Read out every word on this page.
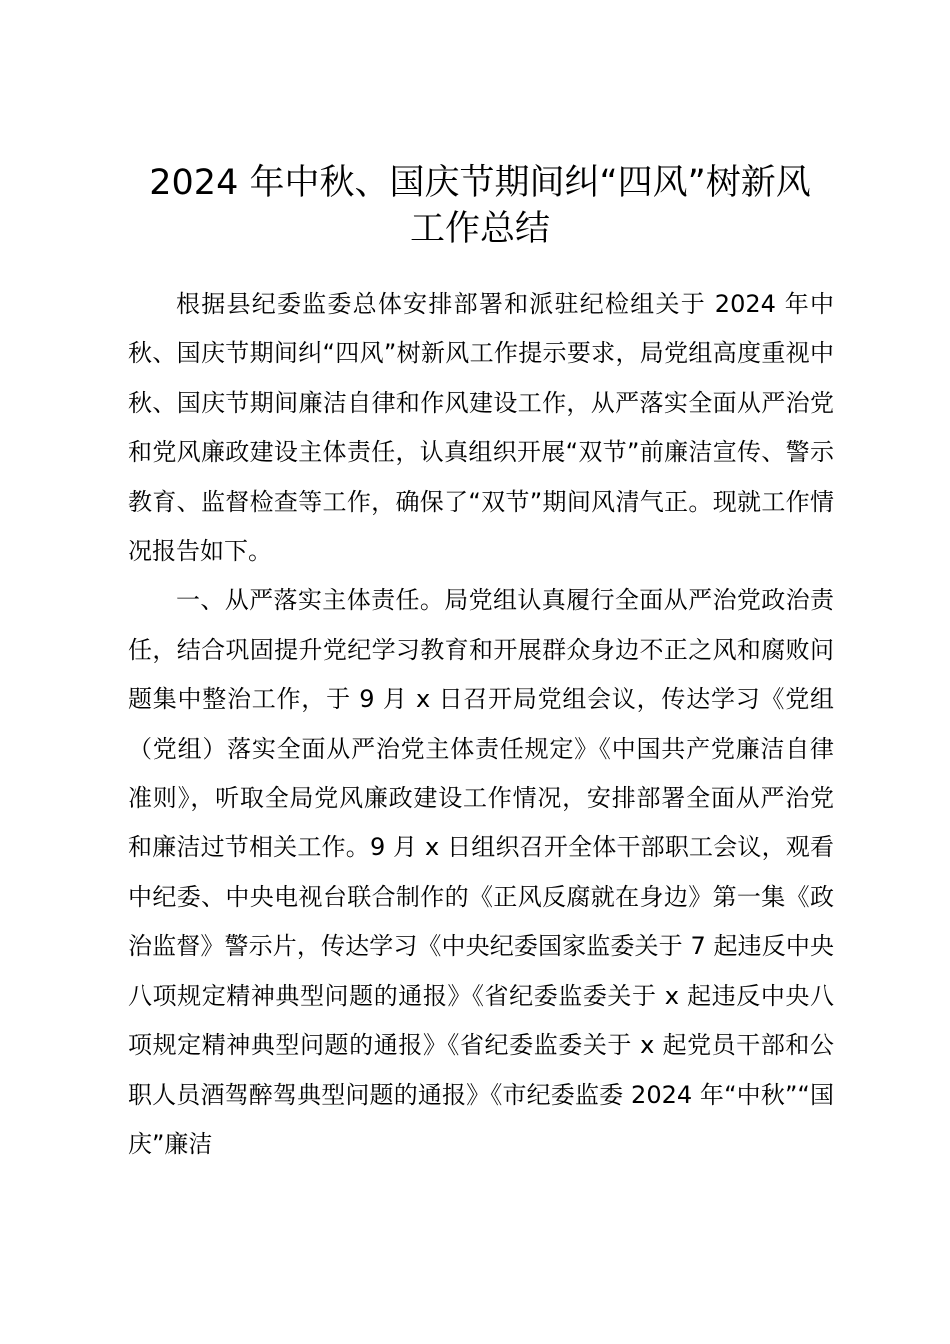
2024 年中秋、国庆节期间纠“四风”树新风
工作总结

根据县纪委监委总体安排部署和派驻纪检组关于 2024 年中秋、国庆节期间纠“四风”树新风工作提示要求，局党组高度重视中秋、国庆节期间廉洁自律和作风建设工作，从严落实全面从严治党和党风廉政建设主体责任，认真组织开展“双节”前廉洁宣传、警示教育、监督检查等工作，确保了“双节”期间风清气正。现就工作情况报告如下。

一、从严落实主体责任。局党组认真履行全面从严治党政治责任，结合巩固提升党纪学习教育和开展群众身边不正之风和腐败问题集中整治工作，于 9 月 x 日召开局党组会议，传达学习《党组（党组）落实全面从严治党主体责任规定》《中国共产党廉洁自律准则》，听取全局党风廉政建设工作情况，安排部署全面从严治党和廉洁过节相关工作。9 月 x 日组织召开全体干部职工会议，观看中纪委、中央电视台联合制作的《正风反腐就在身边》第一集《政治监督》警示片，传达学习《中央纪委国家监委关于 7 起违反中央八项规定精神典型问题的通报》《省纪委监委关于 x 起违反中央八项规定精神典型问题的通报》《省纪委监委关于 x 起党员干部和公职人员酒驾醉驾典型问题的通报》《市纪委监委 2024 年“中秋”“国庆”廉洁
